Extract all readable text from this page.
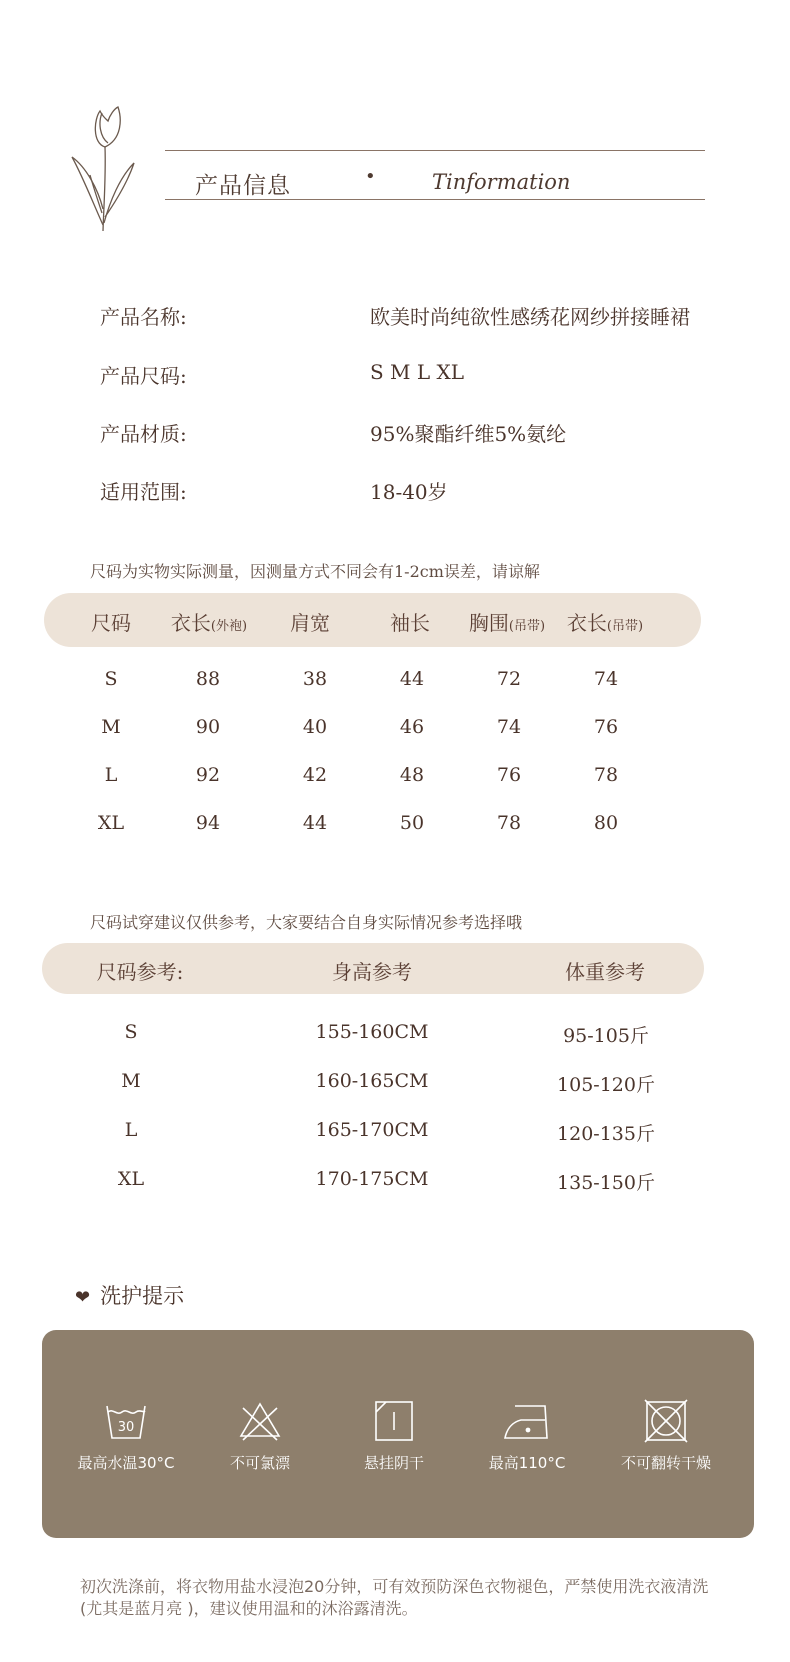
产品信息	•	Tinformation
产品名称:	欧美时尚纯欲性感绣花网纱拼接睡裙
产品尺码:	S M L XL
产品材质:	95%聚酯纤维5%氨纶
适用范围:	18-40岁
尺码为实物实际测量，因测量方式不同会有1-2cm误差，请谅解
尺码 衣长(外袍) 肩宽	袖长 胸围(吊带) 衣长(吊带)
S	88	38	44	72	74
M	90	40	46	74	76
L	92	42	48	76	78
XL	94	44	50	78	80
尺码试穿建议仅供参考，大家要结合自身实际情况参考选择哦
尺码参考:	身高参考	体重参考
S	155-160CM	95-105斤
M	160-165CM	105-120斤
L	165-170CM	120-135斤
XL	170-175CM	135-150斤
❤ 洗护提示
30
最高水温30°C	不可氯漂	悬挂阴干	最高110°C	不可翻转干燥
初次洗涤前，将衣物用盐水浸泡20分钟，可有效预防深色衣物褪色，严禁使用洗衣液清洗(尤其是蓝月亮 )，建议使用温和的沐浴露清洗。
